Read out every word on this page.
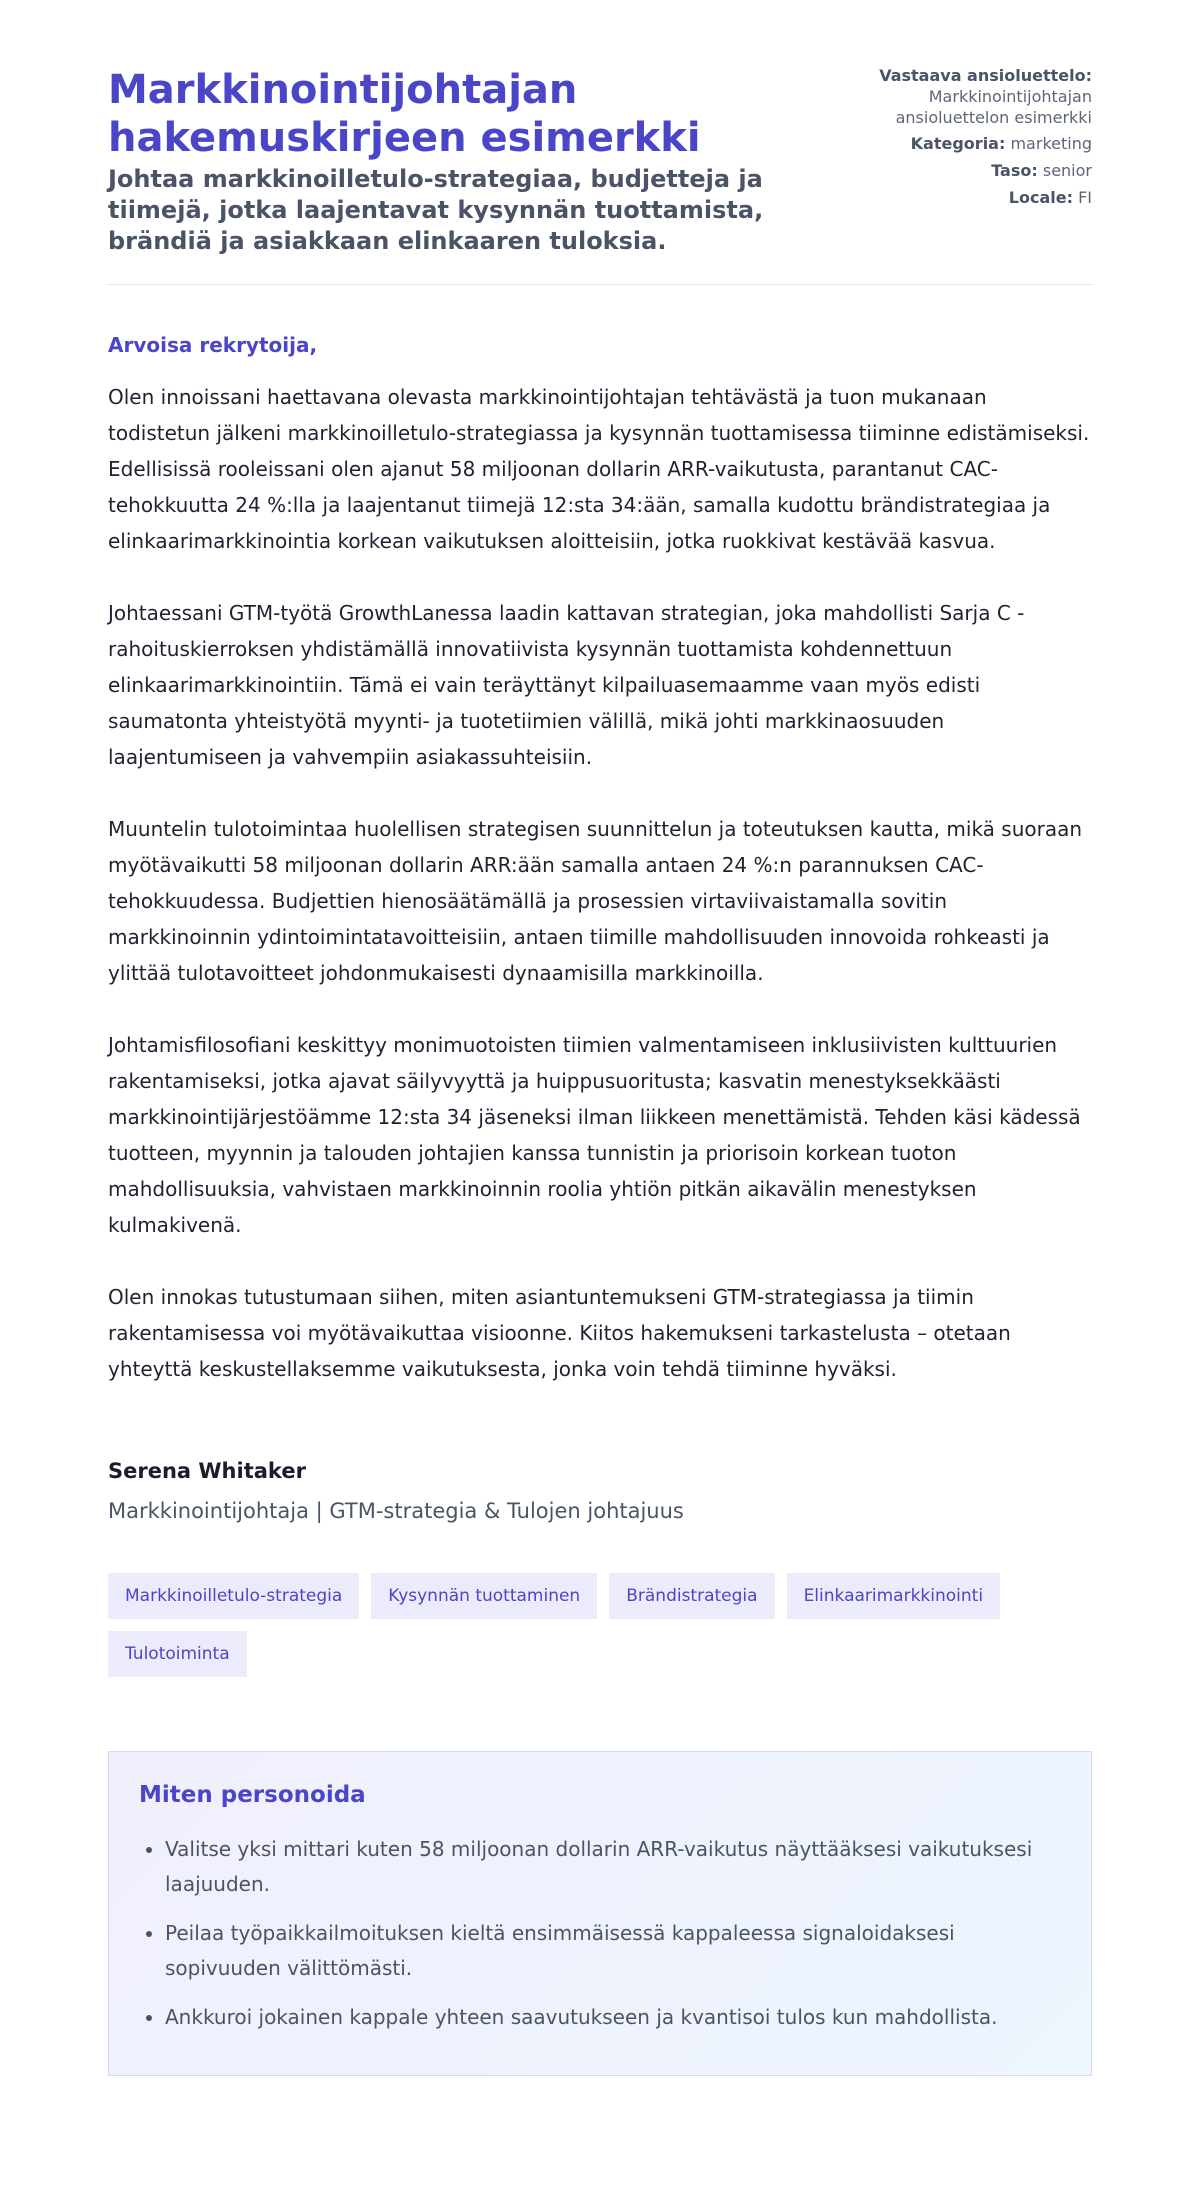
Markkinointijohtajan hakemuskirjeen esimerkki
Johtaa markkinoilletulo-strategiaa, budjetteja ja tiimejä, jotka laajentavat kysynnän tuottamista, brändiä ja asiakkaan elinkaaren tuloksia.
Vastaava ansioluettelo:
Markkinointijohtajan ansioluettelon esimerkki
Kategoria: marketing
Taso: senior
Locale: FI
Arvoisa rekrytoija,

Olen innoissani haettavana olevasta markkinointijohtajan tehtävästä ja tuon mukanaan todistetun jälkeni markkinoilletulo-strategiassa ja kysynnän tuottamisessa tiiminne edistämiseksi. Edellisissä rooleissani olen ajanut 58 miljoonan dollarin ARR-vaikutusta, parantanut CAC-tehokkuutta 24 %:lla ja laajentanut tiimejä 12:sta 34:ään, samalla kudottu brändistrategiaa ja elinkaarimarkkinointia korkean vaikutuksen aloitteisiin, jotka ruokkivat kestävää kasvua.

Johtaessani GTM-työtä GrowthLanessa laadin kattavan strategian, joka mahdollisti Sarja C -rahoituskierroksen yhdistämällä innovatiivista kysynnän tuottamista kohdennettuun elinkaarimarkkinointiin. Tämä ei vain teräyttänyt kilpailuasemaamme vaan myös edisti saumatonta yhteistyötä myynti- ja tuotetiimien välillä, mikä johti markkinaosuuden laajentumiseen ja vahvempiin asiakassuhteisiin.

Muuntelin tulotoimintaa huolellisen strategisen suunnittelun ja toteutuksen kautta, mikä suoraan myötävaikutti 58 miljoonan dollarin ARR:ään samalla antaen 24 %:n parannuksen CAC-tehokkuudessa. Budjettien hienosäätämällä ja prosessien virtaviivaistamalla sovitin markkinoinnin ydintoimintatavoitteisiin, antaen tiimille mahdollisuuden innovoida rohkeasti ja ylittää tulotavoitteet johdonmukaisesti dynaamisilla markkinoilla.

Johtamisfilosofiani keskittyy monimuotoisten tiimien valmentamiseen inklusiivisten kulttuurien rakentamiseksi, jotka ajavat säilyvyyttä ja huippusuoritusta; kasvatin menestyksekkäästi markkinointijärjestöämme 12:sta 34 jäseneksi ilman liikkeen menettämistä. Tehden käsi kädessä tuotteen, myynnin ja talouden johtajien kanssa tunnistin ja priorisoin korkean tuoton mahdollisuuksia, vahvistaen markkinoinnin roolia yhtiön pitkän aikavälin menestyksen kulmakivenä.

Olen innokas tutustumaan siihen, miten asiantuntemukseni GTM-strategiassa ja tiimin rakentamisessa voi myötävaikuttaa visioonne. Kiitos hakemukseni tarkastelusta – otetaan yhteyttä keskustellaksemme vaikutuksesta, jonka voin tehdä tiiminne hyväksi.

Serena Whitaker
Markkinointijohtaja | GTM-strategia & Tulojen johtajuus
Markkinoilletulo-strategia	Kysynnän tuottaminen	Brändistrategia	Elinkaarimarkkinointi
Tulotoiminta
Miten personoida
• Valitse yksi mittari kuten 58 miljoonan dollarin ARR-vaikutus näyttääksesi vaikutuksesi laajuuden.
• Peilaa työpaikkailmoituksen kieltä ensimmäisessä kappaleessa signaloidaksesi sopivuuden välittömästi.
• Ankkuroi jokainen kappale yhteen saavutukseen ja kvantisoi tulos kun mahdollista.
